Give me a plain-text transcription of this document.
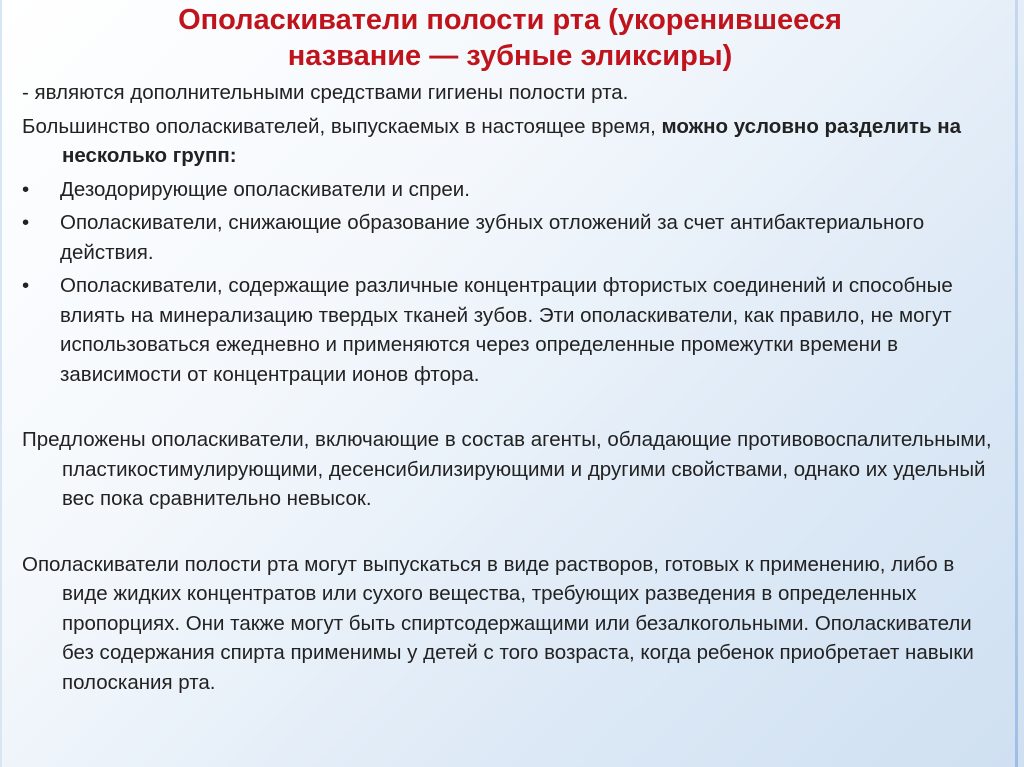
Ополаскиватели полости рта (укоренившееся
название — зубные эликсиры)

- являются дополнительными средствами гигиены полости рта.

Большинство ополаскивателей, выпускаемых в настоящее время, можно условно разделить на несколько групп:

•	Дезодорирующие ополаскиватели и спреи.
•	Ополаскиватели, снижающие образование зубных отложений за счет антибактериального действия.
•	Ополаскиватели, содержащие различные концентрации фтористых соединений и способные влиять на минерализацию твердых тканей зубов. Эти ополаскиватели, как правило, не могут использоваться ежедневно и применяются через определенные промежутки времени в зависимости от концентрации ионов фтора.

Предложены ополаскиватели, включающие в состав агенты, обладающие противовоспалительными, пластикостимулирующими, десенсибилизирующими и другими свойствами, однако их удельный вес пока сравнительно невысок.

Ополаскиватели полости рта могут выпускаться в виде растворов, готовых к применению, либо в виде жидких концентратов или сухого вещества, требующих разведения в определенных пропорциях. Они также могут быть спиртсодержащими или безалкогольными. Ополаскиватели без содержания спирта применимы у детей с того возраста, когда ребенок приобретает навыки полоскания рта.
